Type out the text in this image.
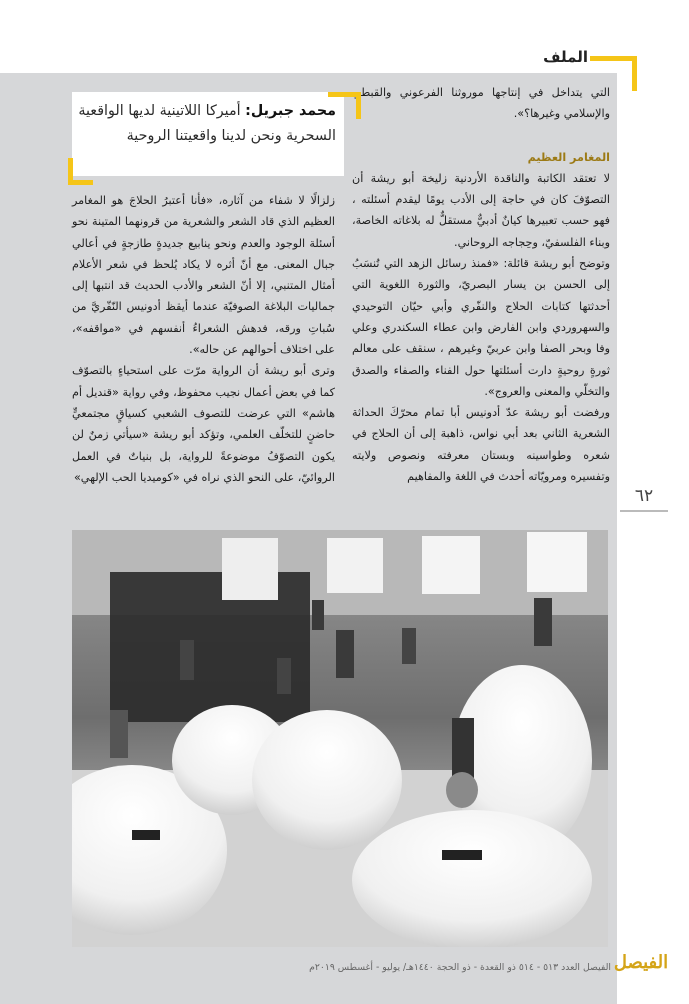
الملف

التي يتداخل في إنتاجها موروثنا الفرعوني والقبطي والإسلامي وغيرها؟».

المغامر العظيم

لا تعتقد الكاتبة والناقدة الأردنية زليخة أبو ريشة أن التصوّفَ كان في حاجة إلى الأدب يومًا ليقدم أسئلته ، فهو حسب تعبيرها كيانٌ أدبيٌّ مستقلٌّ له بلاغاته الخاصة، وبناء الفلسفيّ، وحِجاجه الروحاني.

وتوضح أبو ريشة قائلة: «فمنذ رسائل الزهد التي تُنسَبُ إلى الحسن بن يسار البصريّ، والثورة اللغوية التي أحدثتها كتابات الحلاج والنفّري وأبي حيّان التوحيدي والسهروردي وابن الفارض وابن عطاء السكندري وعلي وفا وبحر الصفا وابن عربيّ وغيرهم ، سنقف على معالم ثورةٍ روحيةٍ دارت أسئلتها حول الفناء والصفاء والصدق والتخلّي والمعنى والعروج».

ورفضت أبو ريشة عدّ أدونيس أبا تمام محرّكَ الحداثة الشعرية الثاني بعد أبي نواس، ذاهبة إلى أن الحلاج في شعره وطواسينه وبستان معرفته ونصوص ولايته وتفسيره ومرويّاته أحدث في اللغة والمفاهيم

محمد جبريل: أميركا اللاتينية لديها الواقعية السحرية ونحن لدينا واقعيتنا الروحية

زلزالًا لا شفاء من آثاره، «فأنا أعتبرُ الحلاجَ هو المغامر العظيم الذي قاد الشعر والشعرية من قرونهما المتينة نحو أسئلة الوجود والعدم ونحو ينابيع جديدةٍ طازجةٍ في أعالي جبال المعنى. مع أنّ أثره لا يكاد يُلحظ في شعر الأعلام أمثال المتنبي، إلا أنّ الشعر والأدب الحديث قد انتبها إلى جماليات البلاغة الصوفيّة عندما أيقظ أدونيس النّفّريَّ من سُباتِ ورقه، فدهش الشعراءُ أنفسهم في «مواقفه»، على اختلاف أحوالهم عن حاله».

وترى أبو ريشة أن الرواية مرّت على استحياءٍ بالتصوّف كما في بعض أعمال نجيب محفوظ، وفي رواية «قنديل أم هاشم» التي عرضت للتصوف الشعبي كسياقٍ مجتمعيٍّ حاضنٍ للتخلّف العلمي، وتؤكد أبو ريشة «سيأتي زمنٌ لن يكون التصوّفُ موضوعةً للرواية، بل بنياتٌ في العمل الروائيّ، على النحو الذي نراه في «كوميديا الحب الإلهي»

٦٢
الفيصل العدد ٥١٣ - ٥١٤ ذو القعدة - ذو الحجة ١٤٤٠هـ/ يوليو - أغسطس ٢٠١٩م الفيصل
